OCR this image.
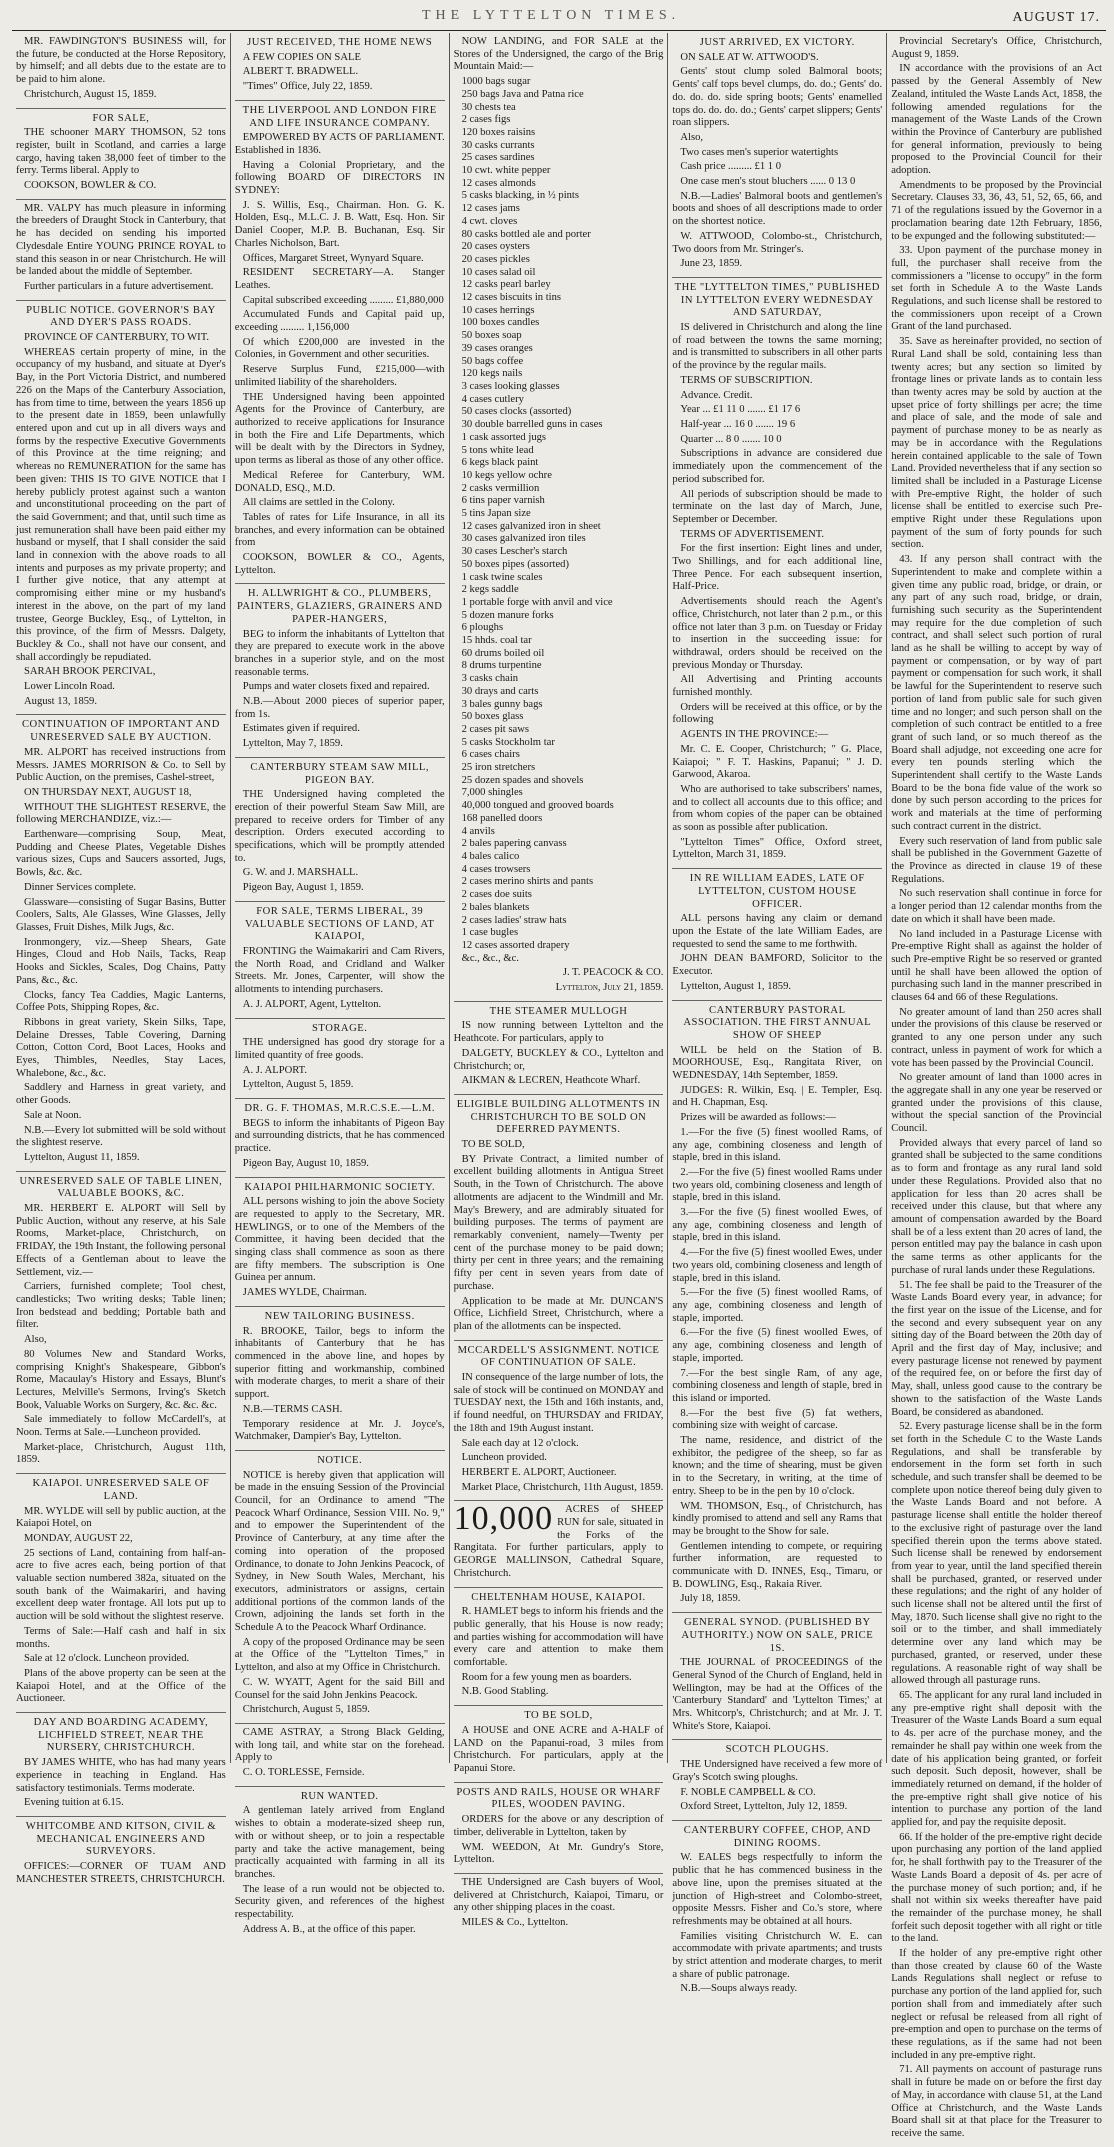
THE LYTTELTON TIMES.	AUGUST 17.

MR. FAWDINGTON'S BUSINESS will, for the future, be conducted at the Horse Repository, by himself; and all debts due to the estate are to be paid to him alone.

Christchurch, August 15, 1859.

FOR SALE,

THE schooner MARY THOMSON, 52 tons register, built in Scotland, and carries a large cargo, having taken 38,000 feet of timber to the ferry. Terms liberal. Apply to

COOKSON, BOWLER & CO.

MR. VALPY has much pleasure in informing the breeders of Draught Stock in Canterbury, that he has decided on sending his imported Clydesdale Entire YOUNG PRINCE ROYAL to stand this season in or near Christchurch. He will be landed about the middle of September.

Further particulars in a future advertisement.

PUBLIC NOTICE. GOVERNOR'S BAY AND DYER'S PASS ROADS.

PROVINCE OF CANTERBURY, TO WIT.

WHEREAS certain property of mine, in the occupancy of my husband, and situate at Dyer's Bay, in the Port Victoria District, and numbered 226 on the Maps of the Canterbury Association, has from time to time, between the years 1856 up to the present date in 1859, been unlawfully entered upon and cut up in all divers ways and forms by the respective Executive Governments of this Province at the time reigning; and whereas no REMUNERATION for the same has been given: THIS IS TO GIVE NOTICE that I hereby publicly protest against such a wanton and unconstitutional proceeding on the part of the said Government; and that, until such time as just remuneration shall have been paid either my husband or myself, that I shall consider the said land in connexion with the above roads to all intents and purposes as my private property; and I further give notice, that any attempt at compromising either mine or my husband's interest in the above, on the part of my land trustee, George Buckley, Esq., of Lyttelton, in this province, of the firm of Messrs. Dalgety, Buckley & Co., shall not have our consent, and shall accordingly be repudiated.

SARAH BROOK PERCIVAL,

Lower Lincoln Road.

August 13, 1859.

CONTINUATION OF IMPORTANT AND UNRESERVED SALE BY AUCTION.

MR. ALPORT has received instructions from Messrs. JAMES MORRISON & Co. to Sell by Public Auction, on the premises, Cashel-street,

ON THURSDAY NEXT, AUGUST 18,

WITHOUT THE SLIGHTEST RESERVE, the following MERCHANDIZE, viz.:—

Earthenware—comprising Soup, Meat, Pudding and Cheese Plates, Vegetable Dishes various sizes, Cups and Saucers assorted, Jugs, Bowls, &c. &c.

Dinner Services complete.

Glassware—consisting of Sugar Basins, Butter Coolers, Salts, Ale Glasses, Wine Glasses, Jelly Glasses, Fruit Dishes, Milk Jugs, &c.

Ironmongery, viz.—Sheep Shears, Gate Hinges, Cloud and Hob Nails, Tacks, Reap Hooks and Sickles, Scales, Dog Chains, Patty Pans, &c., &c.

Clocks, fancy Tea Caddies, Magic Lanterns, Coffee Pots, Shipping Ropes, &c.

Ribbons in great variety, Skein Silks, Tape, Delaine Dresses, Table Covering, Darning Cotton, Cotton Cord, Boot Laces, Hooks and Eyes, Thimbles, Needles, Stay Laces, Whalebone, &c., &c.

Saddlery and Harness in great variety, and other Goods.

Sale at Noon.

N.B.—Every lot submitted will be sold without the slightest reserve.

Lyttelton, August 11, 1859.

UNRESERVED SALE OF TABLE LINEN, VALUABLE BOOKS, &C.

MR. HERBERT E. ALPORT will Sell by Public Auction, without any reserve, at his Sale Rooms, Market-place, Christchurch, on FRIDAY, the 19th Instant, the following personal Effects of a Gentleman about to leave the Settlement, viz.—

Carriers, furnished complete; Tool chest, candlesticks; Two writing desks; Table linen; Iron bedstead and bedding; Portable bath and filter.

Also,

80 Volumes New and Standard Works, comprising Knight's Shakespeare, Gibbon's Rome, Macaulay's History and Essays, Blunt's Lectures, Melville's Sermons, Irving's Sketch Book, Valuable Works on Surgery, &c. &c. &c.

Sale immediately to follow McCardell's, at Noon. Terms at Sale.—Luncheon provided.

Market-place, Christchurch, August 11th, 1859.

KAIAPOI. UNRESERVED SALE OF LAND.

MR. WYLDE will sell by public auction, at the Kaiapoi Hotel, on

MONDAY, AUGUST 22,

25 sections of Land, containing from half-an-acre to five acres each, being portion of that valuable section numbered 382a, situated on the south bank of the Waimakariri, and having excellent deep water frontage. All lots put up to auction will be sold without the slightest reserve.

Terms of Sale:—Half cash and half in six months.

Sale at 12 o'clock. Luncheon provided.

Plans of the above property can be seen at the Kaiapoi Hotel, and at the Office of the Auctioneer.

DAY AND BOARDING ACADEMY, LICHFIELD STREET, NEAR THE NURSERY, CHRISTCHURCH.

BY JAMES WHITE, who has had many years experience in teaching in England. Has satisfactory testimonials. Terms moderate.

Evening tuition at 6.15.

WHITCOMBE AND KITSON, CIVIL & MECHANICAL ENGINEERS AND SURVEYORS.

OFFICES:—CORNER OF TUAM AND MANCHESTER STREETS, CHRISTCHURCH.

JUST RECEIVED, THE HOME NEWS

A FEW COPIES ON SALE

ALBERT T. BRADWELL.

"Times" Office, July 22, 1859.

THE LIVERPOOL AND LONDON FIRE AND LIFE INSURANCE COMPANY.

EMPOWERED BY ACTS OF PARLIAMENT. Established in 1836.

Having a Colonial Proprietary, and the following BOARD OF DIRECTORS IN SYDNEY:

J. S. Willis, Esq., Chairman. Hon. G. K. Holden, Esq., M.L.C. J. B. Watt, Esq. Hon. Sir Daniel Cooper, M.P. B. Buchanan, Esq. Sir Charles Nicholson, Bart.

Offices, Margaret Street, Wynyard Square.

RESIDENT SECRETARY—A. Stanger Leathes.

Capital subscribed exceeding ......... £1,880,000

Accumulated Funds and Capital paid up, exceeding ......... 1,156,000

Of which £200,000 are invested in the Colonies, in Government and other securities.

Reserve Surplus Fund, £215,000—with unlimited liability of the shareholders.

THE Undersigned having been appointed Agents for the Province of Canterbury, are authorized to receive applications for Insurance in both the Fire and Life Departments, which will be dealt with by the Directors in Sydney, upon terms as liberal as those of any other office.

Medical Referee for Canterbury, WM. DONALD, ESQ., M.D.

All claims are settled in the Colony.

Tables of rates for Life Insurance, in all its branches, and every information can be obtained from

COOKSON, BOWLER & CO., Agents, Lyttelton.

H. ALLWRIGHT & CO., PLUMBERS, PAINTERS, GLAZIERS, GRAINERS AND PAPER-HANGERS,

BEG to inform the inhabitants of Lyttelton that they are prepared to execute work in the above branches in a superior style, and on the most reasonable terms.

Pumps and water closets fixed and repaired.

N.B.—About 2000 pieces of superior paper, from 1s.

Estimates given if required.

Lyttelton, May 7, 1859.

CANTERBURY STEAM SAW MILL, PIGEON BAY.

THE Undersigned having completed the erection of their powerful Steam Saw Mill, are prepared to receive orders for Timber of any description. Orders executed according to specifications, which will be promptly attended to.

G. W. and J. MARSHALL.

Pigeon Bay, August 1, 1859.

FOR SALE, TERMS LIBERAL, 39 VALUABLE SECTIONS OF LAND, AT KAIAPOI,

FRONTING the Waimakariri and Cam Rivers, the North Road, and Cridland and Walker Streets. Mr. Jones, Carpenter, will show the allotments to intending purchasers.

A. J. ALPORT, Agent, Lyttelton.

STORAGE.

THE undersigned has good dry storage for a limited quantity of free goods.

A. J. ALPORT.

Lyttelton, August 5, 1859.

DR. G. F. THOMAS, M.R.C.S.E.—L.M.

BEGS to inform the inhabitants of Pigeon Bay and surrounding districts, that he has commenced practice.

Pigeon Bay, August 10, 1859.

KAIAPOI PHILHARMONIC SOCIETY.

ALL persons wishing to join the above Society are requested to apply to the Secretary, MR. HEWLINGS, or to one of the Members of the Committee, it having been decided that the singing class shall commence as soon as there are fifty members. The subscription is One Guinea per annum.

JAMES WYLDE, Chairman.

NEW TAILORING BUSINESS.

R. BROOKE, Tailor, begs to inform the inhabitants of Canterbury that he has commenced in the above line, and hopes by superior fitting and workmanship, combined with moderate charges, to merit a share of their support.

N.B.—TERMS CASH.

Temporary residence at Mr. J. Joyce's, Watchmaker, Dampier's Bay, Lyttelton.

NOTICE.

NOTICE is hereby given that application will be made in the ensuing Session of the Provincial Council, for an Ordinance to amend "The Peacock Wharf Ordinance, Session VIII. No. 9," and to empower the Superintendent of the Province of Canterbury, at any time after the coming into operation of the proposed Ordinance, to donate to John Jenkins Peacock, of Sydney, in New South Wales, Merchant, his executors, administrators or assigns, certain additional portions of the common lands of the Crown, adjoining the lands set forth in the Schedule A to the Peacock Wharf Ordinance.

A copy of the proposed Ordinance may be seen at the Office of the "Lyttelton Times," in Lyttelton, and also at my Office in Christchurch.

C. W. WYATT, Agent for the said Bill and Counsel for the said John Jenkins Peacock.

Christchurch, August 5, 1859.

CAME ASTRAY, a Strong Black Gelding, with long tail, and white star on the forehead. Apply to

C. O. TORLESSE, Fernside.

RUN WANTED.

A gentleman lately arrived from England wishes to obtain a moderate-sized sheep run, with or without sheep, or to join a respectable party and take the active management, being practically acquainted with farming in all its branches.

The lease of a run would not be objected to. Security given, and references of the highest respectability.

Address A. B., at the office of this paper.

NOW LANDING, and FOR SALE at the Stores of the Undersigned, the cargo of the Brig Mountain Maid:—

1000 bags sugar
250 bags Java and Patna rice
30 chests tea
2 cases figs
120 boxes raisins
30 casks currants
25 cases sardines
10 cwt. white pepper
12 cases almonds
5 casks blacking, in ½ pints
12 cases jams
4 cwt. cloves
80 casks bottled ale and porter
20 cases oysters
20 cases pickles
10 cases salad oil
12 casks pearl barley
12 cases biscuits in tins
10 cases herrings
100 boxes candles
50 boxes soap
39 cases oranges
50 bags coffee
120 kegs nails
3 cases looking glasses
4 cases cutlery
50 cases clocks (assorted)
30 double barrelled guns in cases
1 cask assorted jugs
5 tons white lead
6 kegs black paint
10 kegs yellow ochre
2 casks vermillion
6 tins paper varnish
5 tins Japan size
12 cases galvanized iron in sheet
30 cases galvanized iron tiles
30 cases Lescher's starch
50 boxes pipes (assorted)
1 cask twine scales
2 kegs saddle
1 portable forge with anvil and vice
5 dozen manure forks
6 ploughs
15 hhds. coal tar
60 drums boiled oil
8 drums turpentine
3 casks chain
30 drays and carts
3 bales gunny bags
50 boxes glass
2 cases pit saws
5 casks Stockholm tar
6 cases chairs
25 iron stretchers
25 dozen spades and shovels
7,000 shingles
40,000 tongued and grooved boards
168 panelled doors
4 anvils
2 bales papering canvass
4 bales calico
4 cases trowsers
2 cases merino shirts and pants
2 cases doe suits
2 bales blankets
2 cases ladies' straw hats
1 case bugles
12 cases assorted drapery
&c., &c., &c.

J. T. PEACOCK & CO.

Lyttelton, July 21, 1859.

THE STEAMER MULLOGH

IS now running between Lyttelton and the Heathcote. For particulars, apply to

DALGETY, BUCKLEY & CO., Lyttelton and Christchurch; or,

AIKMAN & LECREN, Heathcote Wharf.

ELIGIBLE BUILDING ALLOTMENTS IN CHRISTCHURCH TO BE SOLD ON DEFERRED PAYMENTS.

TO BE SOLD,

BY Private Contract, a limited number of excellent building allotments in Antigua Street South, in the Town of Christchurch. The above allotments are adjacent to the Windmill and Mr. May's Brewery, and are admirably situated for building purposes. The terms of payment are remarkably convenient, namely—Twenty per cent of the purchase money to be paid down; thirty per cent in three years; and the remaining fifty per cent in seven years from date of purchase.

Application to be made at Mr. DUNCAN'S Office, Lichfield Street, Christchurch, where a plan of the allotments can be inspected.

MCCARDELL'S ASSIGNMENT. NOTICE OF CONTINUATION OF SALE.

IN consequence of the large number of lots, the sale of stock will be continued on MONDAY and TUESDAY next, the 15th and 16th instants, and, if found needful, on THURSDAY and FRIDAY, the 18th and 19th August instant.

Sale each day at 12 o'clock.

Luncheon provided.

HERBERT E. ALPORT, Auctioneer.

Market Place, Christchurch, 11th August, 1859.

10,000	ACRES of SHEEP RUN for sale, situated in the Forks of the Rangitata. For further particulars, apply to GEORGE MALLINSON, Cathedral Square, Christchurch.

CHELTENHAM HOUSE, KAIAPOI.

R. HAMLET begs to inform his friends and the public generally, that his House is now ready; and parties wishing for accommodation will have every care and attention to make them comfortable.

Room for a few young men as boarders.

N.B. Good Stabling.

TO BE SOLD,

A HOUSE and ONE ACRE and A-HALF of LAND on the Papanui-road, 3 miles from Christchurch. For particulars, apply at the Papanui Store.

POSTS AND RAILS, HOUSE OR WHARF PILES, WOODEN PAVING.

ORDERS for the above or any description of timber, deliverable in Lyttelton, taken by

WM. WEEDON, At Mr. Gundry's Store, Lyttelton.

THE Undersigned are Cash buyers of Wool, delivered at Christchurch, Kaiapoi, Timaru, or any other shipping places in the coast.

MILES & Co., Lyttelton.

JUST ARRIVED, EX VICTORY.

ON SALE AT W. ATTWOOD'S.

Gents' stout clump soled Balmoral boots; Gents' calf tops bevel clumps, do. do.; Gents' do. do. do. do. side spring boots; Gents' enamelled tops do. do. do. do.; Gents' carpet slippers; Gents' roan slippers.

Also,

Two cases men's superior watertights

Cash price ......... £1 1 0

One case men's stout bluchers ...... 0 13 0

N.B.—Ladies' Balmoral boots and gentlemen's boots and shoes of all descriptions made to order on the shortest notice.

W. ATTWOOD, Colombo-st., Christchurch, Two doors from Mr. Stringer's.

June 23, 1859.

THE "LYTTELTON TIMES," PUBLISHED IN LYTTELTON EVERY WEDNESDAY AND SATURDAY,

IS delivered in Christchurch and along the line of road between the towns the same morning; and is transmitted to subscribers in all other parts of the province by the regular mails.

TERMS OF SUBSCRIPTION.

Advance. Credit.

Year ... £1 11 0 ....... £1 17 6

Half-year ... 16 0 ....... 19 6

Quarter ... 8 0 ....... 10 0

Subscriptions in advance are considered due immediately upon the commencement of the period subscribed for.

All periods of subscription should be made to terminate on the last day of March, June, September or December.

TERMS OF ADVERTISEMENT.

For the first insertion: Eight lines and under, Two Shillings, and for each additional line, Three Pence. For each subsequent insertion, Half-Price.

Advertisements should reach the Agent's office, Christchurch, not later than 2 p.m., or this office not later than 3 p.m. on Tuesday or Friday to insertion in the succeeding issue: for withdrawal, orders should be received on the previous Monday or Thursday.

All Advertising and Printing accounts furnished monthly.

Orders will be received at this office, or by the following

AGENTS IN THE PROVINCE:—

Mr. C. E. Cooper, Christchurch; " G. Place, Kaiapoi; " F. T. Haskins, Papanui; " J. D. Garwood, Akaroa.

Who are authorised to take subscribers' names, and to collect all accounts due to this office; and from whom copies of the paper can be obtained as soon as possible after publication.

"Lyttelton Times" Office, Oxford street, Lyttelton, March 31, 1859.

IN RE WILLIAM EADES, LATE OF LYTTELTON, CUSTOM HOUSE OFFICER.

ALL persons having any claim or demand upon the Estate of the late William Eades, are requested to send the same to me forthwith.

JOHN DEAN BAMFORD, Solicitor to the Executor.

Lyttelton, August 1, 1859.

CANTERBURY PASTORAL ASSOCIATION. THE FIRST ANNUAL SHOW OF SHEEP

WILL be held on the Station of B. MOORHOUSE, Esq., Rangitata River, on WEDNESDAY, 14th September, 1859.

JUDGES: R. Wilkin, Esq. | E. Templer, Esq. and H. Chapman, Esq.

Prizes will be awarded as follows:—

1.—For the five (5) finest woolled Rams, of any age, combining closeness and length of staple, bred in this island.

2.—For the five (5) finest woolled Rams under two years old, combining closeness and length of staple, bred in this island.

3.—For the five (5) finest woolled Ewes, of any age, combining closeness and length of staple, bred in this island.

4.—For the five (5) finest woolled Ewes, under two years old, combining closeness and length of staple, bred in this island.

5.—For the five (5) finest woolled Rams, of any age, combining closeness and length of staple, imported.

6.—For the five (5) finest woolled Ewes, of any age, combining closeness and length of staple, imported.

7.—For the best single Ram, of any age, combining closeness and length of staple, bred in this island or imported.

8.—For the best five (5) fat wethers, combining size with weight of carcase.

The name, residence, and district of the exhibitor, the pedigree of the sheep, so far as known; and the time of shearing, must be given in to the Secretary, in writing, at the time of entry. Sheep to be in the pen by 10 o'clock.

WM. THOMSON, Esq., of Christchurch, has kindly promised to attend and sell any Rams that may be brought to the Show for sale.

Gentlemen intending to compete, or requiring further information, are requested to communicate with D. INNES, Esq., Timaru, or B. DOWLING, Esq., Rakaia River.

July 18, 1859.

GENERAL SYNOD. (PUBLISHED BY AUTHORITY.) NOW ON SALE, PRICE 1S.

THE JOURNAL of PROCEEDINGS of the General Synod of the Church of England, held in Wellington, may be had at the Offices of the 'Canterbury Standard' and 'Lyttelton Times;' at Mrs. Whitcorp's, Christchurch; and at Mr. J. T. White's Store, Kaiapoi.

SCOTCH PLOUGHS.

THE Undersigned have received a few more of Gray's Scotch swing ploughs.

F. NOBLE CAMPBELL & CO.

Oxford Street, Lyttelton, July 12, 1859.

CANTERBURY COFFEE, CHOP, AND DINING ROOMS.

W. EALES begs respectfully to inform the public that he has commenced business in the above line, upon the premises situated at the junction of High-street and Colombo-street, opposite Messrs. Fisher and Co.'s store, where refreshments may be obtained at all hours.

Families visiting Christchurch W. E. can accommodate with private apartments; and trusts by strict attention and moderate charges, to merit a share of public patronage.

N.B.—Soups always ready.

Provincial Secretary's Office, Christchurch, August 9, 1859.

IN accordance with the provisions of an Act passed by the General Assembly of New Zealand, intituled the Waste Lands Act, 1858, the following amended regulations for the management of the Waste Lands of the Crown within the Province of Canterbury are published for general information, previously to being proposed to the Provincial Council for their adoption.

Amendments to be proposed by the Provincial Secretary. Clauses 33, 36, 43, 51, 52, 65, 66, and 71 of the regulations issued by the Governor in a proclamation bearing date 12th February, 1856, to be expunged and the following substituted:—

33. Upon payment of the purchase money in full, the purchaser shall receive from the commissioners a "license to occupy" in the form set forth in Schedule A to the Waste Lands Regulations, and such license shall be restored to the commissioners upon receipt of a Crown Grant of the land purchased.

35. Save as hereinafter provided, no section of Rural Land shall be sold, containing less than twenty acres; but any section so limited by frontage lines or private lands as to contain less than twenty acres may be sold by auction at the upset price of forty shillings per acre; the time and place of sale, and the mode of sale and payment of purchase money to be as nearly as may be in accordance with the Regulations herein contained applicable to the sale of Town Land. Provided nevertheless that if any section so limited shall be included in a Pasturage License with Pre-emptive Right, the holder of such license shall be entitled to exercise such Pre-emptive Right under these Regulations upon payment of the sum of forty pounds for such section.

43. If any person shall contract with the Superintendent to make and complete within a given time any public road, bridge, or drain, or any part of any such road, bridge, or drain, furnishing such security as the Superintendent may require for the due completion of such contract, and shall select such portion of rural land as he shall be willing to accept by way of payment or compensation, or by way of part payment or compensation for such work, it shall be lawful for the Superintendent to reserve such portion of land from public sale for such given time and no longer; and such person shall on the completion of such contract be entitled to a free grant of such land, or so much thereof as the Board shall adjudge, not exceeding one acre for every ten pounds sterling which the Superintendent shall certify to the Waste Lands Board to be the bona fide value of the work so done by such person according to the prices for work and materials at the time of performing such contract current in the district.

Every such reservation of land from public sale shall be published in the Government Gazette of the Province as directed in clause 19 of these Regulations.

No such reservation shall continue in force for a longer period than 12 calendar months from the date on which it shall have been made.

No land included in a Pasturage License with Pre-emptive Right shall as against the holder of such Pre-emptive Right be so reserved or granted until he shall have been allowed the option of purchasing such land in the manner prescribed in clauses 64 and 66 of these Regulations.

No greater amount of land than 250 acres shall under the provisions of this clause be reserved or granted to any one person under any such contract, unless in payment of work for which a vote has been passed by the Provincial Council.

No greater amount of land than 1000 acres in the aggregate shall in any one year be reserved or granted under the provisions of this clause, without the special sanction of the Provincial Council.

Provided always that every parcel of land so granted shall be subjected to the same conditions as to form and frontage as any rural land sold under these Regulations. Provided also that no application for less than 20 acres shall be received under this clause, but that where any amount of compensation awarded by the Board shall be of a less extent than 20 acres of land, the person entitled may pay the balance in cash upon the same terms as other applicants for the purchase of rural lands under these Regulations.

51. The fee shall be paid to the Treasurer of the Waste Lands Board every year, in advance; for the first year on the issue of the License, and for the second and every subsequent year on any sitting day of the Board between the 20th day of April and the first day of May, inclusive; and every pasturage license not renewed by payment of the required fee, on or before the first day of May, shall, unless good cause to the contrary be shown to the satisfaction of the Waste Lands Board, be considered as abandoned.

52. Every pasturage license shall be in the form set forth in the Schedule C to the Waste Lands Regulations, and shall be transferable by endorsement in the form set forth in such schedule, and such transfer shall be deemed to be complete upon notice thereof being duly given to the Waste Lands Board and not before. A pasturage license shall entitle the holder thereof to the exclusive right of pasturage over the land specified therein upon the terms above stated. Such license shall be renewed by endorsement from year to year, until the land specified therein shall be purchased, granted, or reserved under these regulations; and the right of any holder of such license shall not be altered until the first of May, 1870. Such license shall give no right to the soil or to the timber, and shall immediately determine over any land which may be purchased, granted, or reserved, under these regulations. A reasonable right of way shall be allowed through all pasturage runs.

65. The applicant for any rural land included in any pre-emptive right shall deposit with the Treasurer of the Waste Lands Board a sum equal to 4s. per acre of the purchase money, and the remainder he shall pay within one week from the date of his application being granted, or forfeit such deposit. Such deposit, however, shall be immediately returned on demand, if the holder of the pre-emptive right shall give notice of his intention to purchase any portion of the land applied for, and pay the requisite deposit.

66. If the holder of the pre-emptive right decide upon purchasing any portion of the land applied for, he shall forthwith pay to the Treasurer of the Waste Lands Board a deposit of 4s. per acre of the purchase money of such portion; and, if he shall not within six weeks thereafter have paid the remainder of the purchase money, he shall forfeit such deposit together with all right or title to the land.

If the holder of any pre-emptive right other than those created by clause 60 of the Waste Lands Regulations shall neglect or refuse to purchase any portion of the land applied for, such portion shall from and immediately after such neglect or refusal be released from all right of pre-emption and open to purchase on the terms of these regulations, as if the same had not been included in any pre-emptive right.

71. All payments on account of pasturage runs shall in future be made on or before the first day of May, in accordance with clause 51, at the Land Office at Christchurch, and the Waste Lands Board shall sit at that place for the Treasurer to receive the same.
